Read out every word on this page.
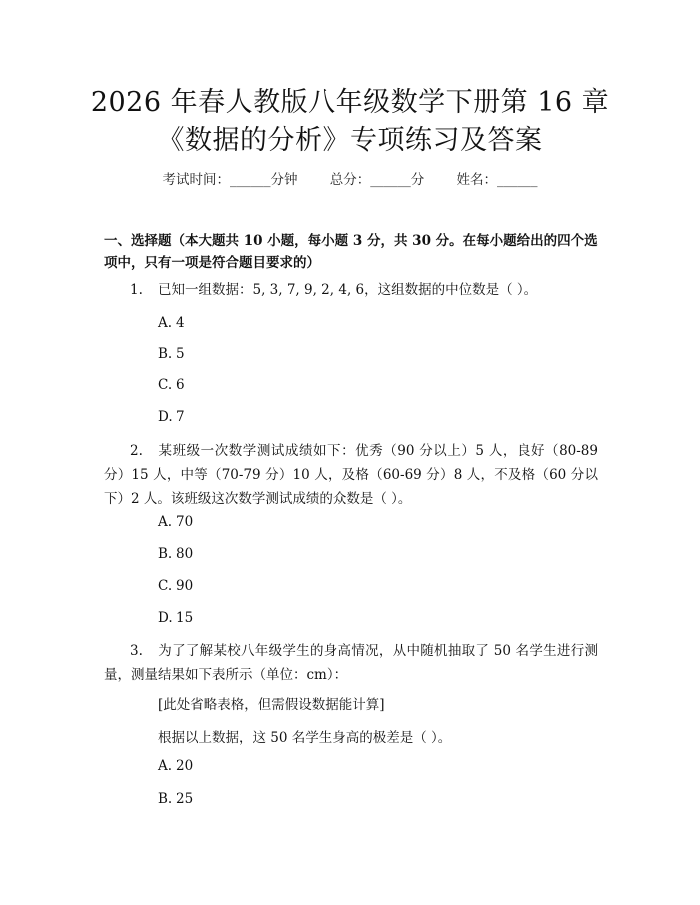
2026 年春人教版八年级数学下册第 16 章
《数据的分析》专项练习及答案
考试时间：______分钟 总分：______分 姓名：______
一、选择题（本大题共 10 小题，每小题 3 分，共 30 分。在每小题给出的四个选项中，只有一项是符合题目要求的）
1. 已知一组数据：5, 3, 7, 9, 2, 4, 6，这组数据的中位数是（ ）。
A. 4
B. 5
C. 6
D. 7
2. 某班级一次数学测试成绩如下：优秀（90 分以上）5 人，良好（80-89 分）15 人，中等（70-79 分）10 人，及格（60-69 分）8 人，不及格（60 分以下）2 人。该班级这次数学测试成绩的众数是（ ）。
A. 70
B. 80
C. 90
D. 15
3. 为了了解某校八年级学生的身高情况，从中随机抽取了 50 名学生进行测量，测量结果如下表所示（单位：cm）：
[此处省略表格，但需假设数据能计算]
根据以上数据，这 50 名学生身高的极差是（ ）。
A. 20
B. 25
